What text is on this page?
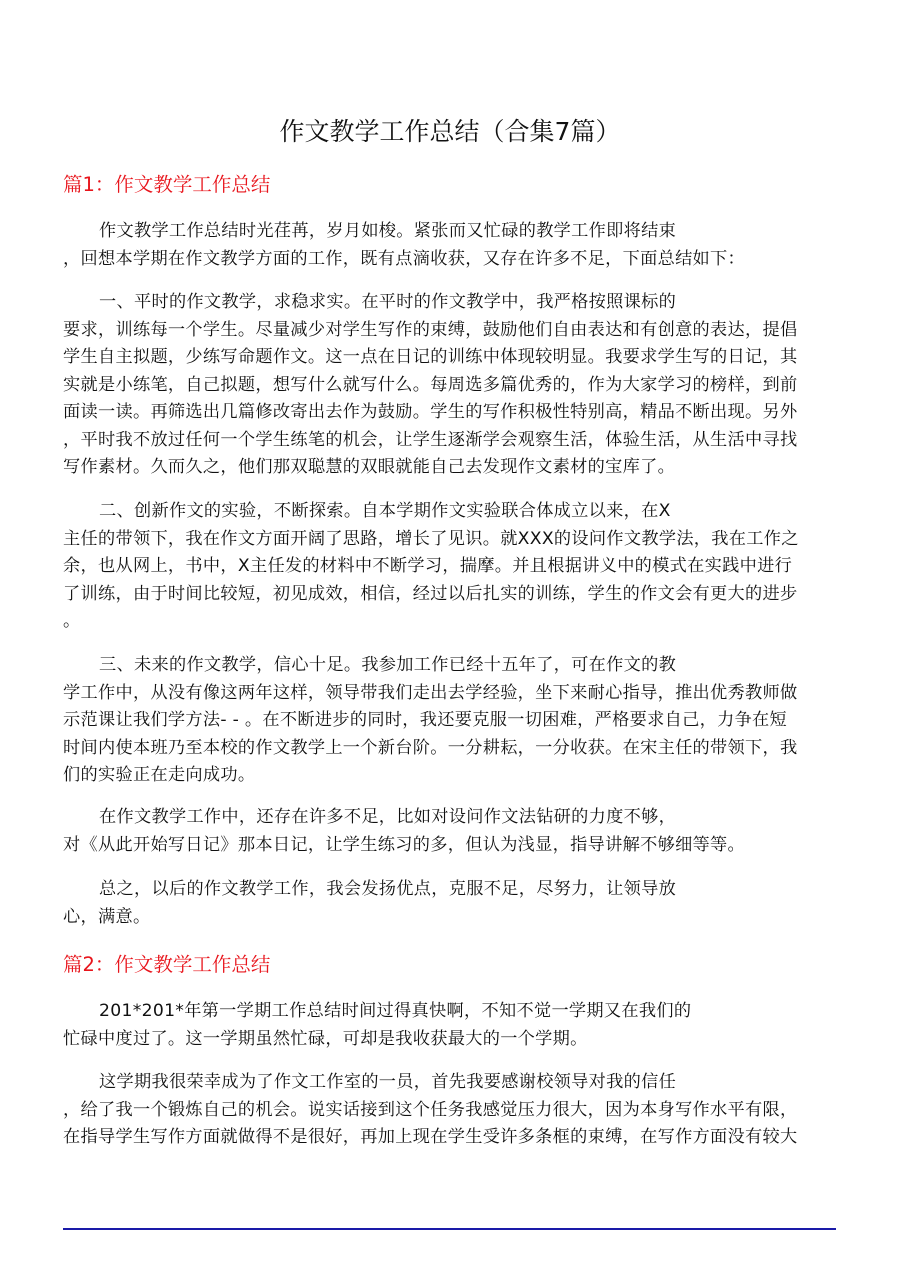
作文教学工作总结（合集7篇）
篇1：作文教学工作总结
作文教学工作总结时光荏苒，岁月如梭。紧张而又忙碌的教学工作即将结束
，回想本学期在作文教学方面的工作，既有点滴收获，又存在许多不足，下面总结如下：
一、平时的作文教学，求稳求实。在平时的作文教学中，我严格按照课标的
要求，训练每一个学生。尽量减少对学生写作的束缚，鼓励他们自由表达和有创意的表达，提倡
学生自主拟题，少练写命题作文。这一点在日记的训练中体现较明显。我要求学生写的日记，其
实就是小练笔，自己拟题，想写什么就写什么。每周选多篇优秀的，作为大家学习的榜样，到前
面读一读。再筛选出几篇修改寄出去作为鼓励。学生的写作积极性特别高，精品不断出现。另外
，平时我不放过任何一个学生练笔的机会，让学生逐渐学会观察生活，体验生活，从生活中寻找
写作素材。久而久之，他们那双聪慧的双眼就能自己去发现作文素材的宝库了。
二、创新作文的实验，不断探索。自本学期作文实验联合体成立以来，在X
主任的带领下，我在作文方面开阔了思路，增长了见识。就XXX的设问作文教学法，我在工作之
余，也从网上，书中，X主任发的材料中不断学习，揣摩。并且根据讲义中的模式在实践中进行
了训练，由于时间比较短，初见成效，相信，经过以后扎实的训练，学生的作文会有更大的进步
。
三、未来的作文教学，信心十足。我参加工作已经十五年了，可在作文的教
学工作中，从没有像这两年这样，领导带我们走出去学经验，坐下来耐心指导，推出优秀教师做
示范课让我们学方法- - 。在不断进步的同时，我还要克服一切困难，严格要求自己，力争在短
时间内使本班乃至本校的作文教学上一个新台阶。一分耕耘，一分收获。在宋主任的带领下，我
们的实验正在走向成功。
在作文教学工作中，还存在许多不足，比如对设问作文法钻研的力度不够，
对《从此开始写日记》那本日记，让学生练习的多，但认为浅显，指导讲解不够细等等。
总之，以后的作文教学工作，我会发扬优点，克服不足，尽努力，让领导放
心，满意。
篇2：作文教学工作总结
201*201*年第一学期工作总结时间过得真快啊，不知不觉一学期又在我们的
忙碌中度过了。这一学期虽然忙碌，可却是我收获最大的一个学期。
这学期我很荣幸成为了作文工作室的一员，首先我要感谢校领导对我的信任
，给了我一个锻炼自己的机会。说实话接到这个任务我感觉压力很大，因为本身写作水平有限，
在指导学生写作方面就做得不是很好，再加上现在学生受许多条框的束缚，在写作方面没有较大
